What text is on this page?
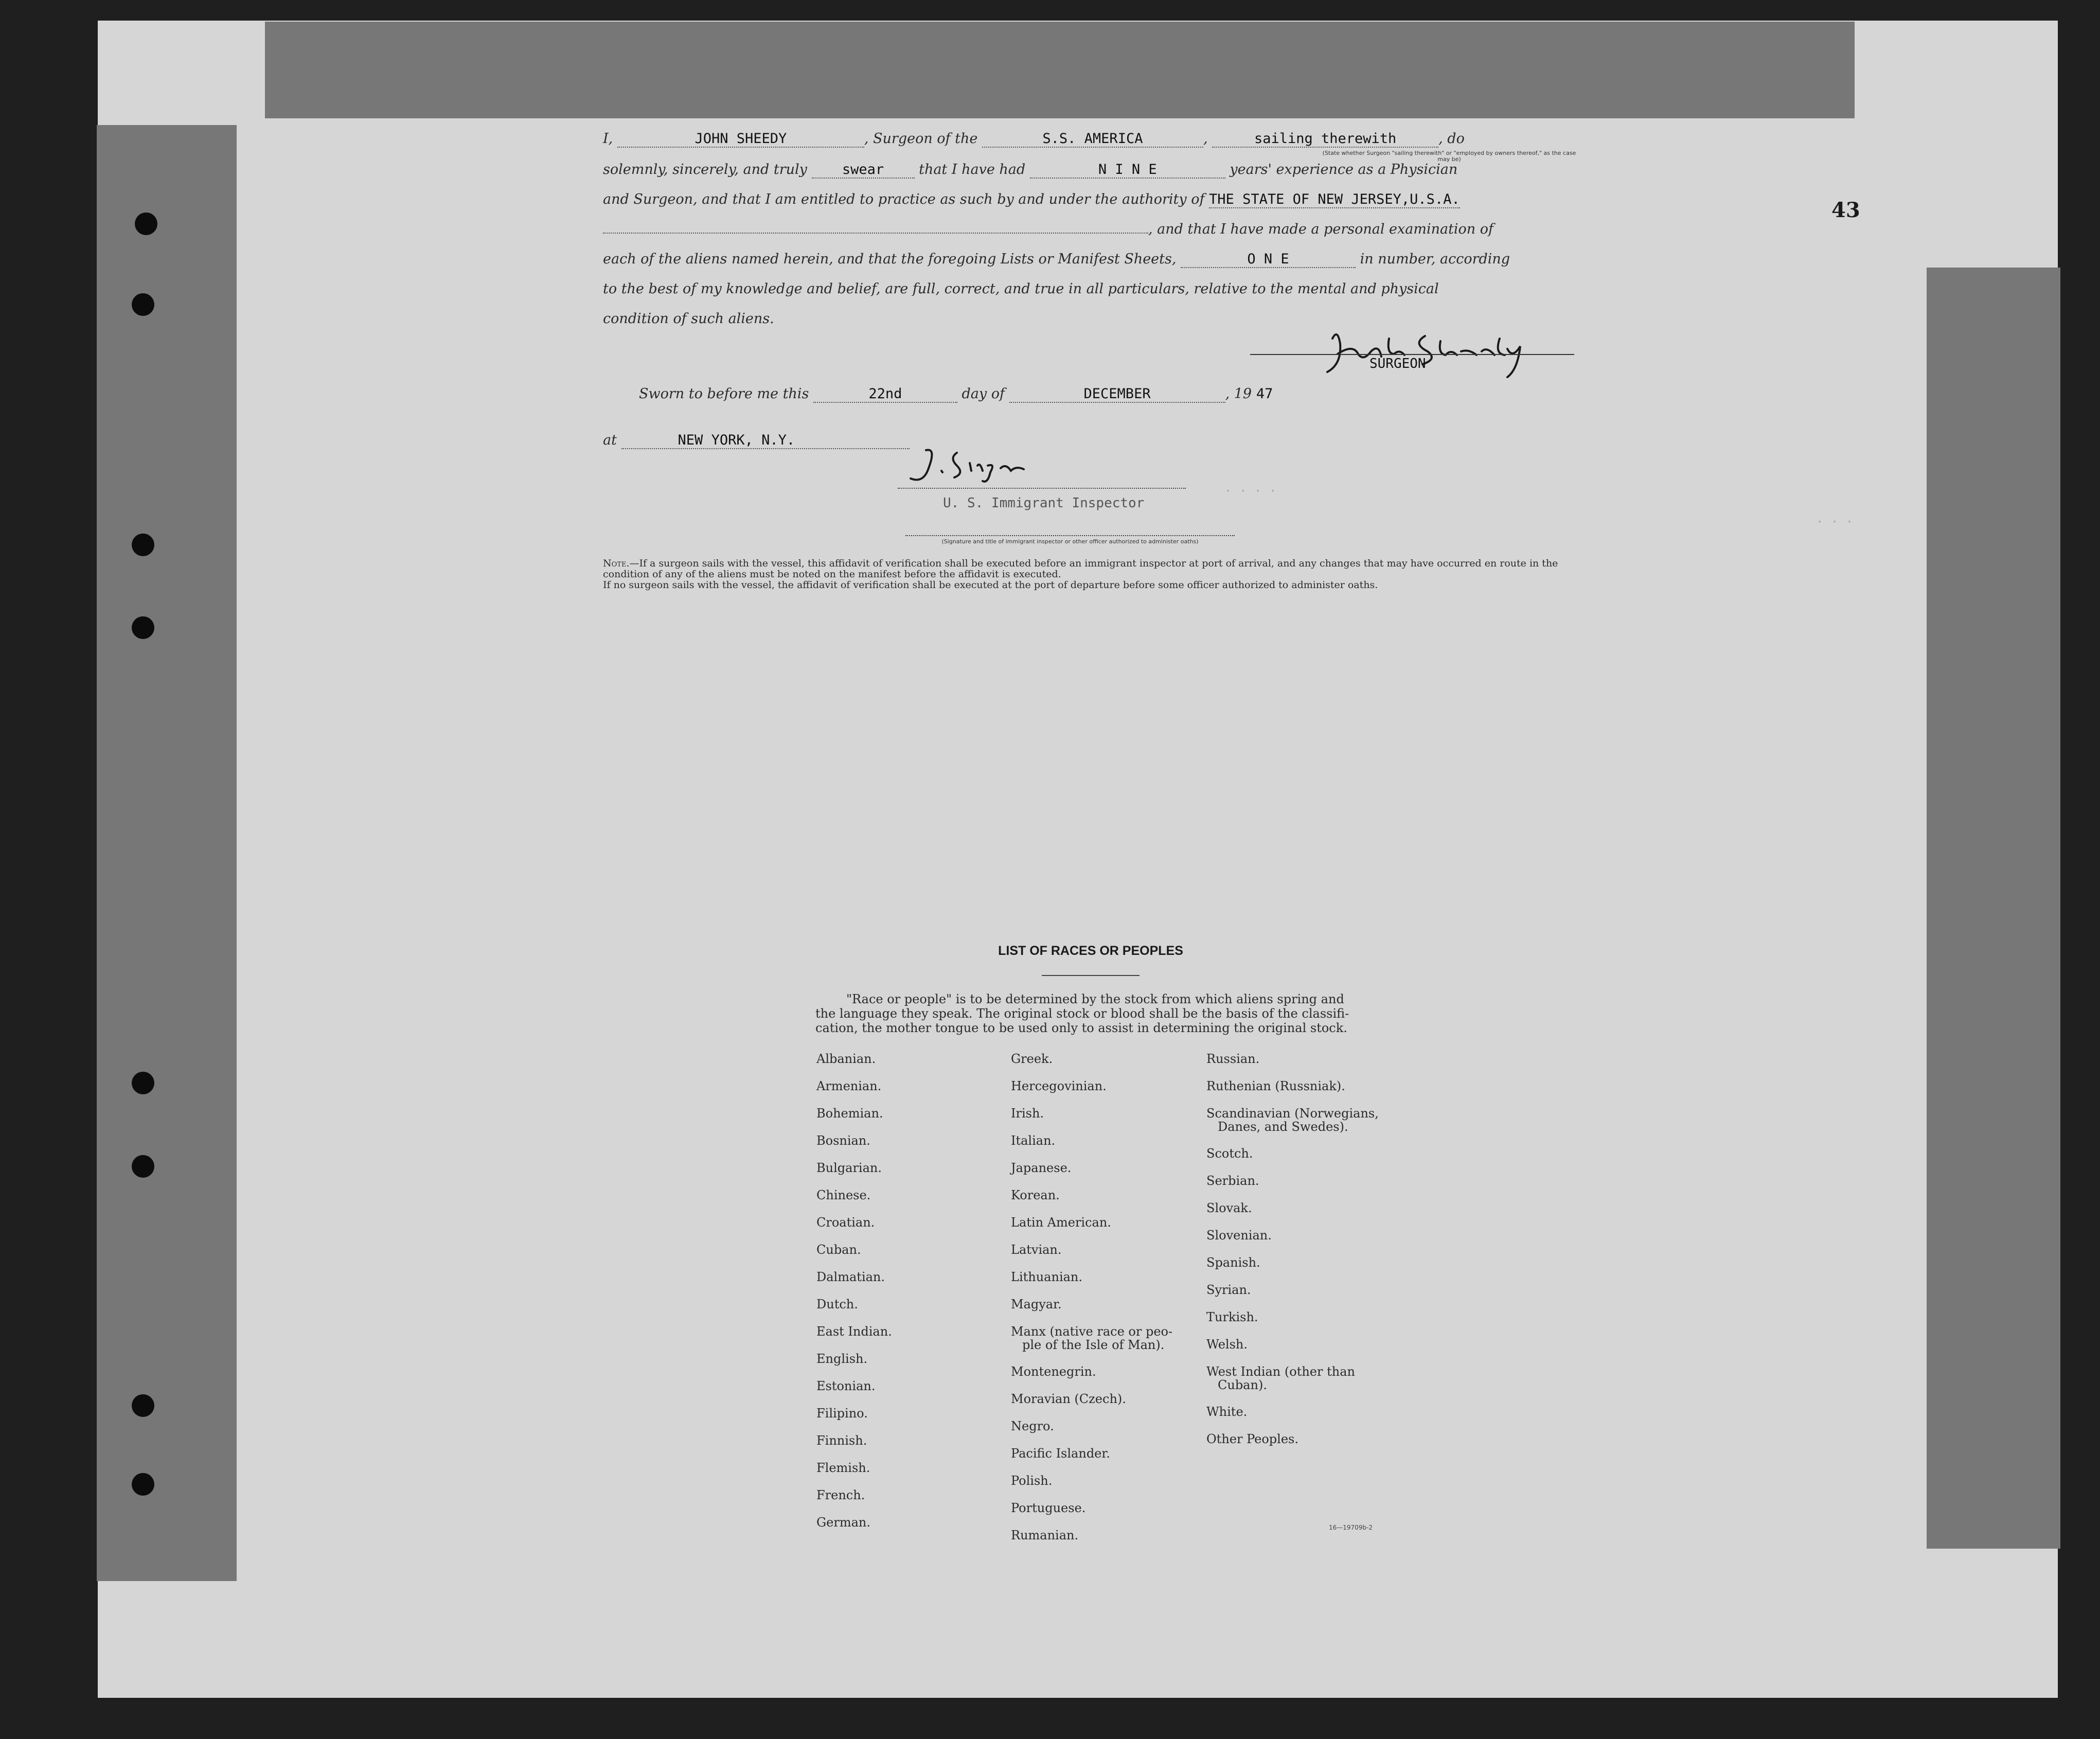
43
· · · ·
· · ·
I,	JOHN SHEEDY	, Surgeon of the	S.S. AMERICA	,	sailing therewith	, do
(State whether Surgeon "sailing therewith" or "employed by owners thereof," as the case may be)
solemnly, sincerely, and truly	swear	that I have had	N I N E	years' experience as a Physician
and Surgeon, and that I am entitled to practice as such by and under the authority of THE STATE OF NEW JERSEY,U.S.A.
, and that I have made a personal examination of
each of the aliens named herein, and that the foregoing Lists or Manifest Sheets,	O N E	in number, according
to the best of my knowledge and belief, are full, correct, and true in all particulars, relative to the mental and physical
condition of such aliens.
SURGEON
Sworn to before me this	22nd	day of	DECEMBER	, 19 47
at	NEW YORK, N.Y.
U. S. Immigrant Inspector
(Signature and title of immigrant inspector or other officer authorized to administer oaths)

Note.—If a surgeon sails with the vessel, this affidavit of verification shall be executed before an immigrant inspector at port of arrival, and any changes that may have occurred en route in the condition of any of the aliens must be noted on the manifest before the affidavit is executed.

If no surgeon sails with the vessel, the affidavit of verification shall be executed at the port of departure before some officer authorized to administer oaths.

LIST OF RACES OR PEOPLES
"Race or people" is to be determined by the stock from which aliens spring and
the language they speak. The original stock or blood shall be the basis of the classifi-
cation, the mother tongue to be used only to assist in determining the original stock.
Albanian.
Armenian.
Bohemian.
Bosnian.
Bulgarian.
Chinese.
Croatian.
Cuban.
Dalmatian.
Dutch.
East Indian.
English.
Estonian.
Filipino.
Finnish.
Flemish.
French.
German.
Greek.
Hercegovinian.
Irish.
Italian.
Japanese.
Korean.
Latin American.
Latvian.
Lithuanian.
Magyar.
Manx (native race or peo-
ple of the Isle of Man).
Montenegrin.
Moravian (Czech).
Negro.
Pacific Islander.
Polish.
Portuguese.
Rumanian.
Russian.
Ruthenian (Russniak).
Scandinavian (Norwegians,
Danes, and Swedes).
Scotch.
Serbian.
Slovak.
Slovenian.
Spanish.
Syrian.
Turkish.
Welsh.
West Indian (other than
Cuban).
White.
Other Peoples.
16—19709b-2
